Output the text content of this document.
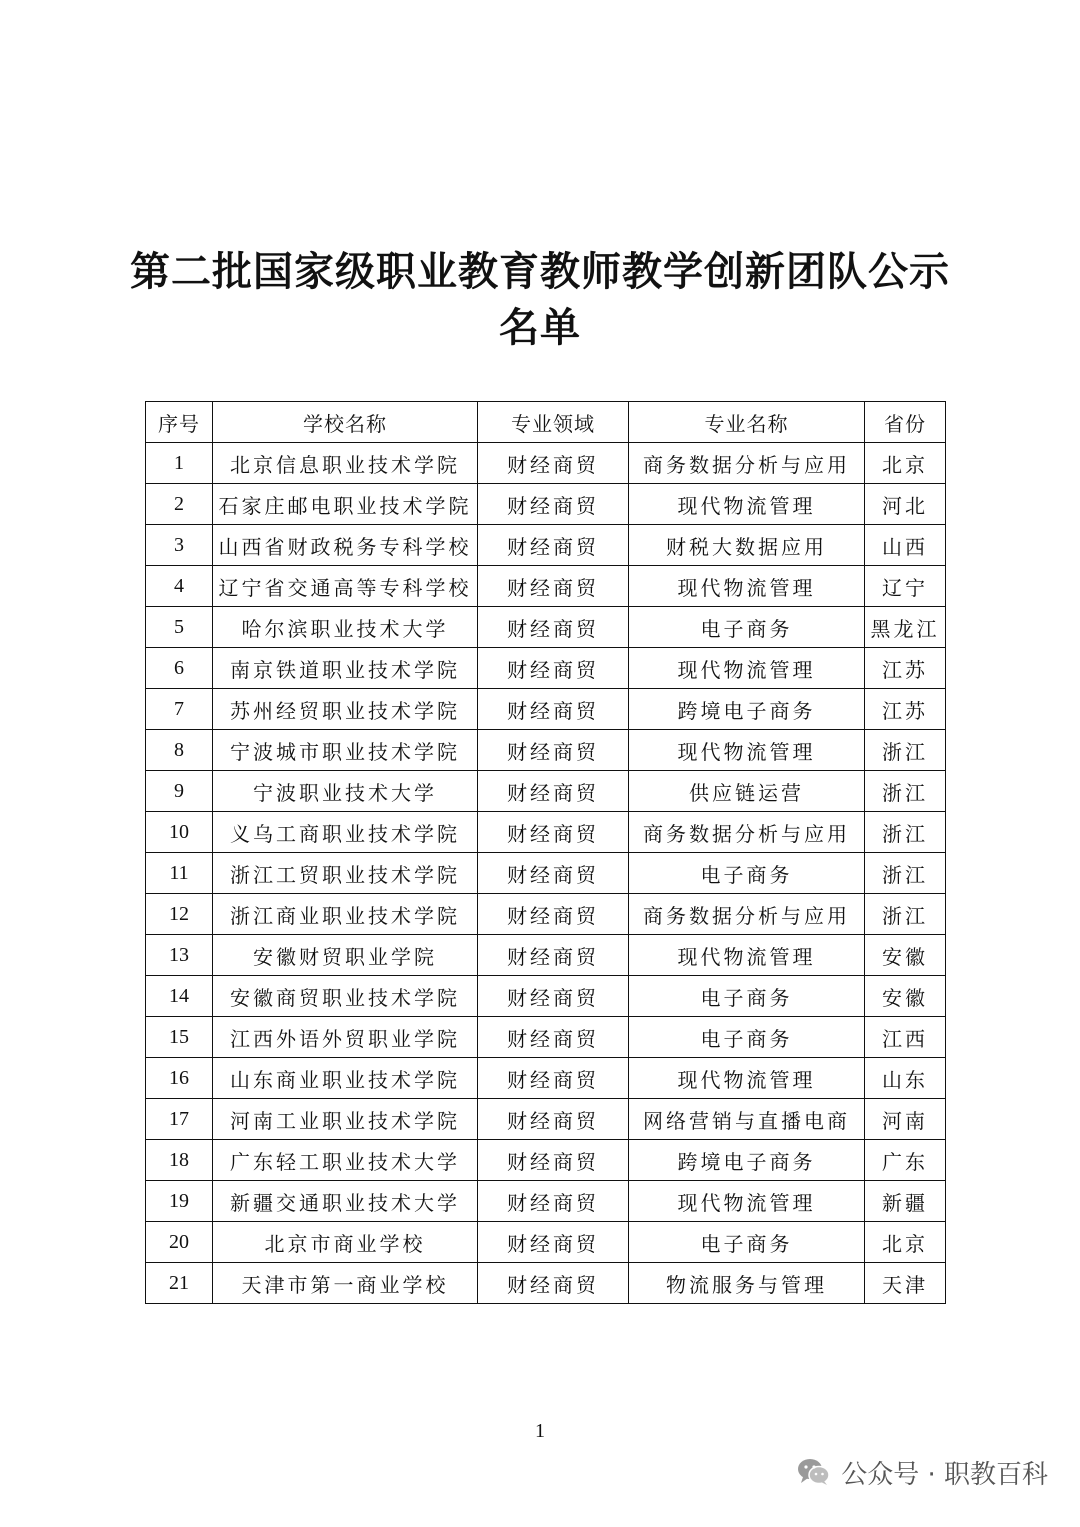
第二批国家级职业教育教师教学创新团队公示
名单
序号	学校名称	专业领域	专业名称	省份
1	北京信息职业技术学院	财经商贸	商务数据分析与应用	北京
2	石家庄邮电职业技术学院	财经商贸	现代物流管理	河北
3	山西省财政税务专科学校	财经商贸	财税大数据应用	山西
4	辽宁省交通高等专科学校	财经商贸	现代物流管理	辽宁
5	哈尔滨职业技术大学	财经商贸	电子商务	黑龙江
6	南京铁道职业技术学院	财经商贸	现代物流管理	江苏
7	苏州经贸职业技术学院	财经商贸	跨境电子商务	江苏
8	宁波城市职业技术学院	财经商贸	现代物流管理	浙江
9	宁波职业技术大学	财经商贸	供应链运营	浙江
10	义乌工商职业技术学院	财经商贸	商务数据分析与应用	浙江
11	浙江工贸职业技术学院	财经商贸	电子商务	浙江
12	浙江商业职业技术学院	财经商贸	商务数据分析与应用	浙江
13	安徽财贸职业学院	财经商贸	现代物流管理	安徽
14	安徽商贸职业技术学院	财经商贸	电子商务	安徽
15	江西外语外贸职业学院	财经商贸	电子商务	江西
16	山东商业职业技术学院	财经商贸	现代物流管理	山东
17	河南工业职业技术学院	财经商贸	网络营销与直播电商	河南
18	广东轻工职业技术大学	财经商贸	跨境电子商务	广东
19	新疆交通职业技术大学	财经商贸	现代物流管理	新疆
20	北京市商业学校	财经商贸	电子商务	北京
21	天津市第一商业学校	财经商贸	物流服务与管理	天津
1
公众号 · 职教百科
